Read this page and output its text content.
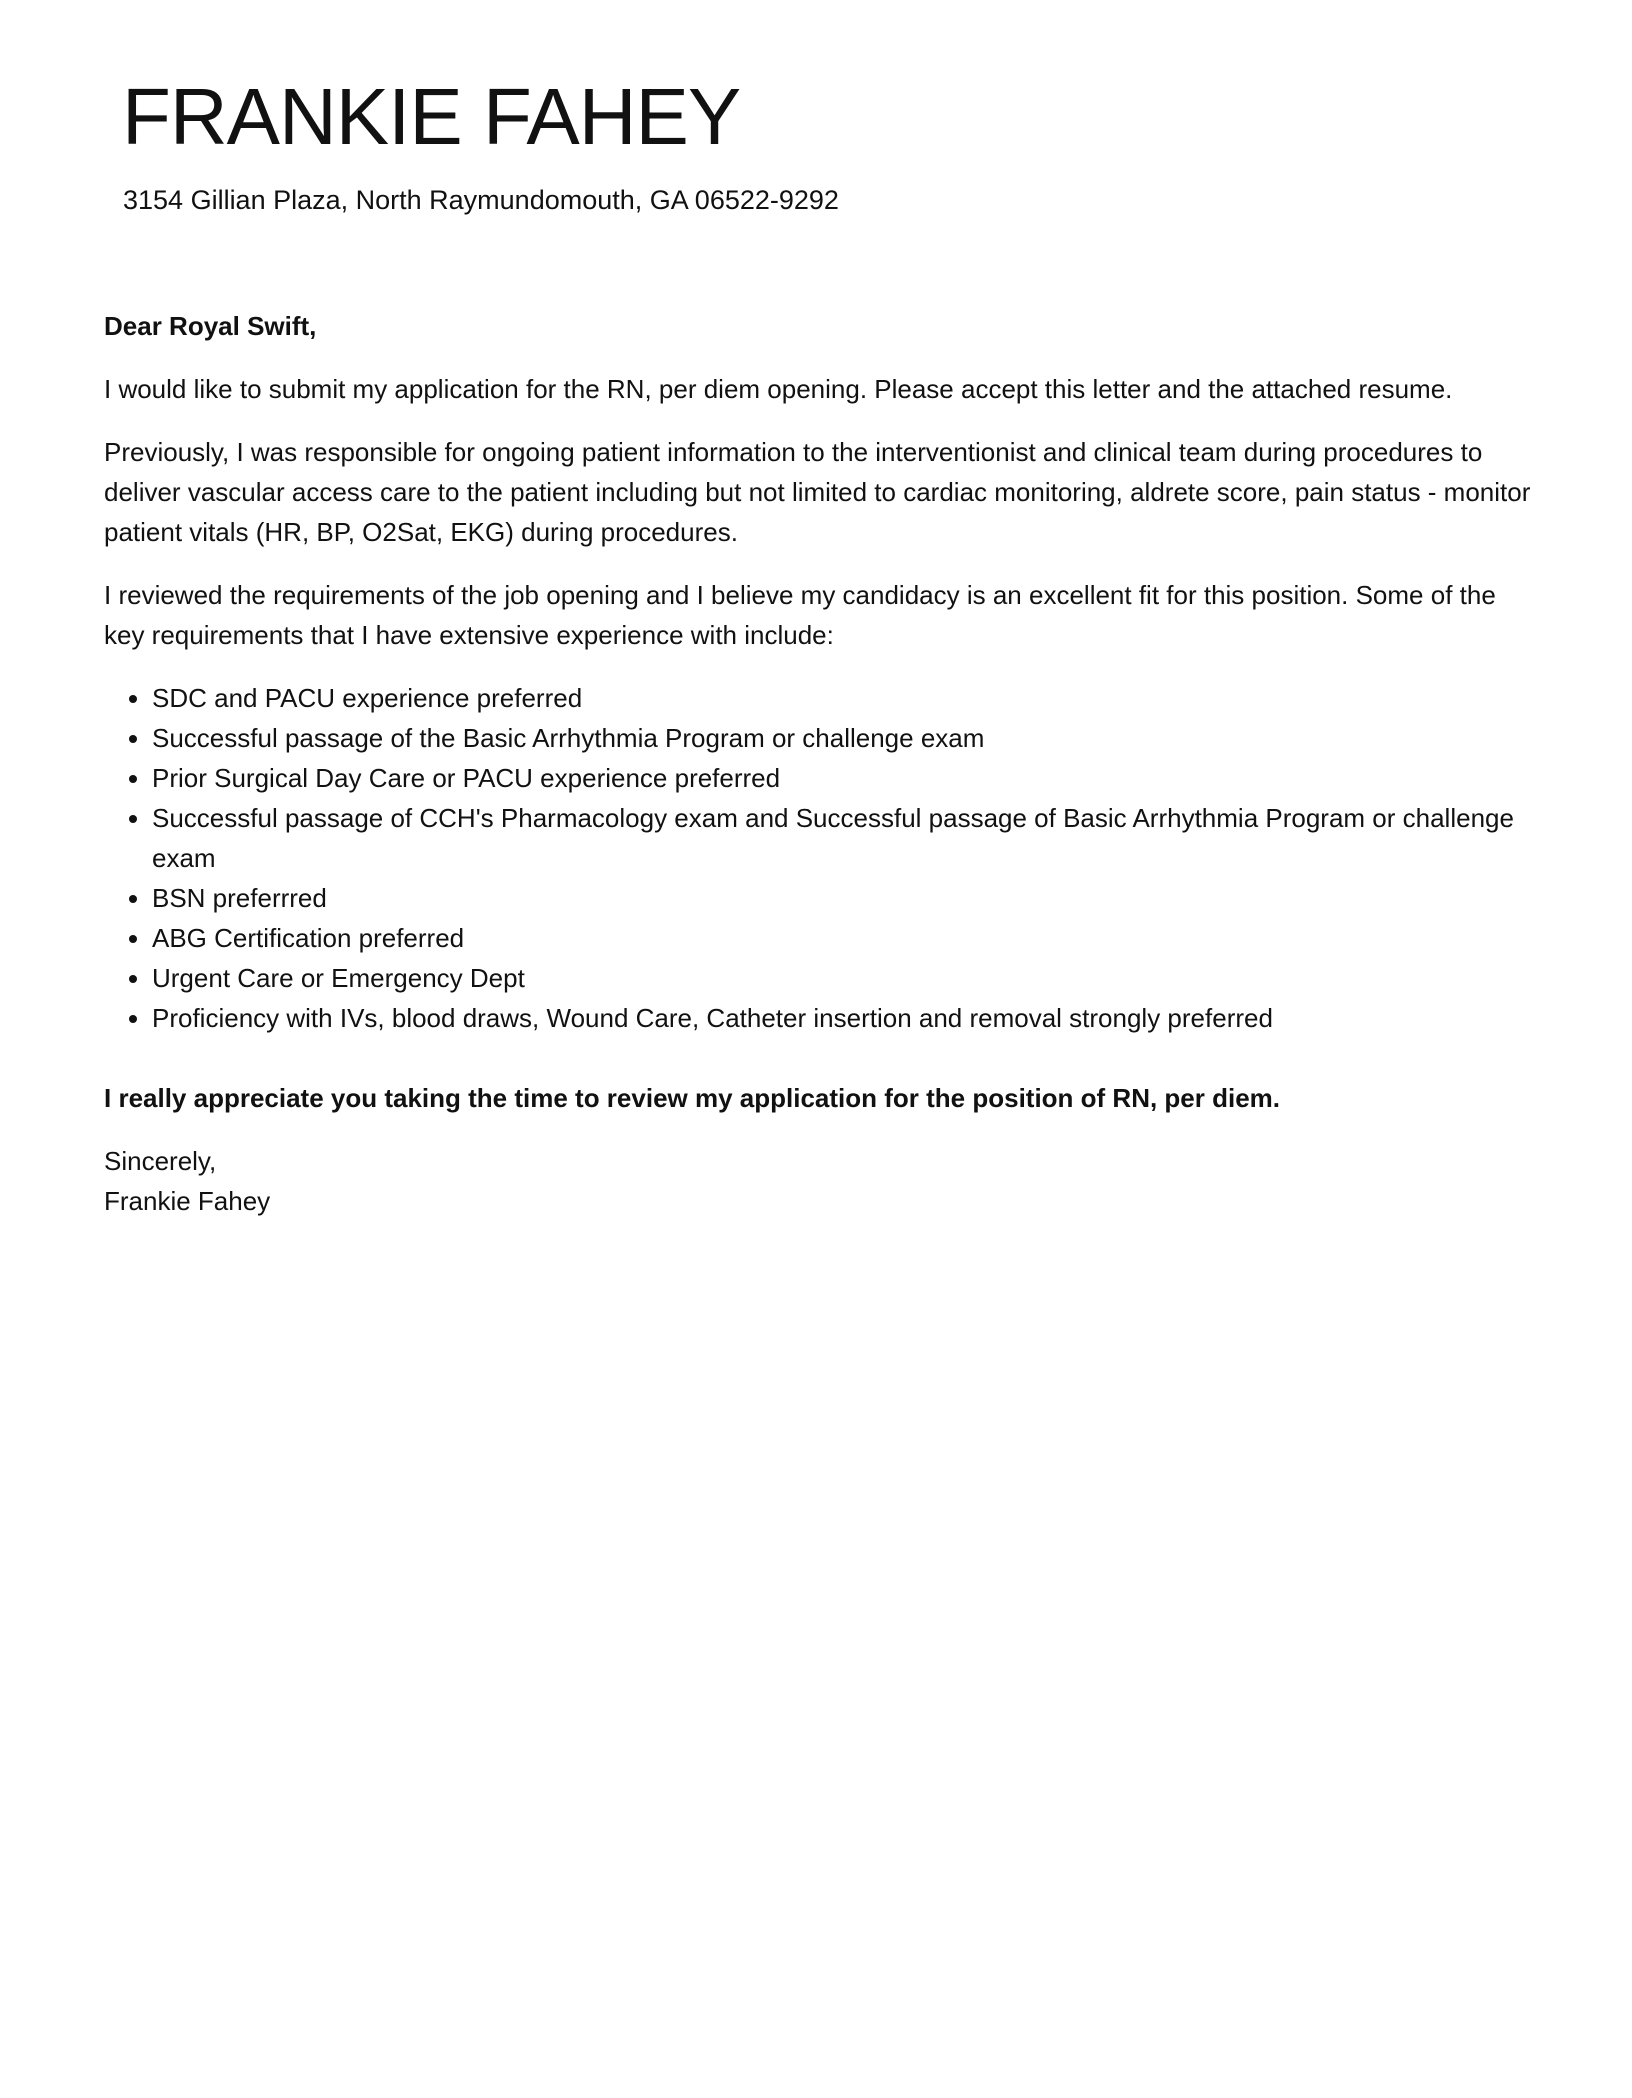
FRANKIE FAHEY
3154 Gillian Plaza, North Raymundomouth, GA 06522-9292

Dear Royal Swift,

I would like to submit my application for the RN, per diem opening. Please accept this letter and the attached resume.

Previously, I was responsible for ongoing patient information to the interventionist and clinical team during procedures to deliver vascular access care to the patient including but not limited to cardiac monitoring, aldrete score, pain status - monitor patient vitals (HR, BP, O2Sat, EKG) during procedures.

I reviewed the requirements of the job opening and I believe my candidacy is an excellent fit for this position. Some of the key requirements that I have extensive experience with include:

• SDC and PACU experience preferred
• Successful passage of the Basic Arrhythmia Program or challenge exam
• Prior Surgical Day Care or PACU experience preferred
• Successful passage of CCH's Pharmacology exam and Successful passage of Basic Arrhythmia Program or challenge exam
• BSN preferrred
• ABG Certification preferred
• Urgent Care or Emergency Dept
• Proficiency with IVs, blood draws, Wound Care, Catheter insertion and removal strongly preferred

I really appreciate you taking the time to review my application for the position of RN, per diem.

Sincerely,
Frankie Fahey
